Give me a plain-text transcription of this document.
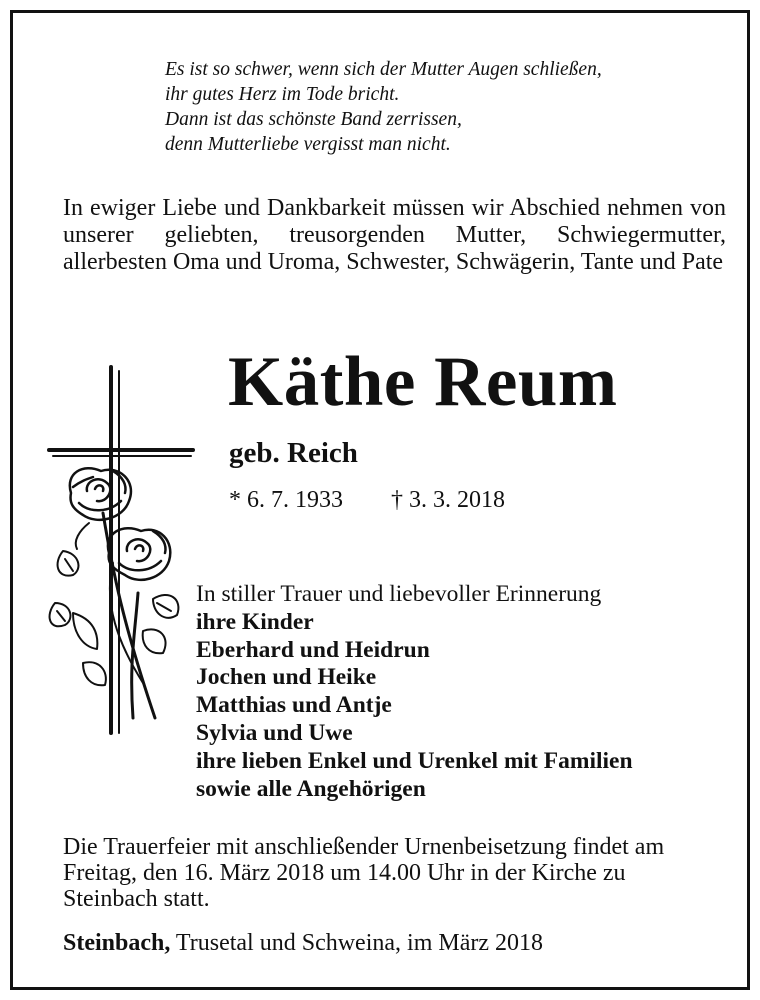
Es ist so schwer, wenn sich der Mutter Augen schließen,
ihr gutes Herz im Tode bricht.
Dann ist das schönste Band zerrissen,
denn Mutterliebe vergisst man nicht.
In ewiger Liebe und Dankbarkeit müssen wir Abschied nehmen von unserer geliebten, treusorgenden Mutter, Schwiegermutter, allerbesten Oma und Uroma, Schwester, Schwägerin, Tante und Pate
Käthe Reum
geb. Reich
* 6. 7. 1933 † 3. 3. 2018
In stiller Trauer und liebevoller Erinnerung
ihre Kinder
Eberhard und Heidrun
Jochen und Heike
Matthias und Antje
Sylvia und Uwe
ihre lieben Enkel und Urenkel mit Familien
sowie alle Angehörigen
Die Trauerfeier mit anschließender Urnenbeisetzung findet am Freitag, den 16. März 2018 um 14.00 Uhr in der Kirche zu Steinbach statt.
Steinbach, Trusetal und Schweina, im März 2018
